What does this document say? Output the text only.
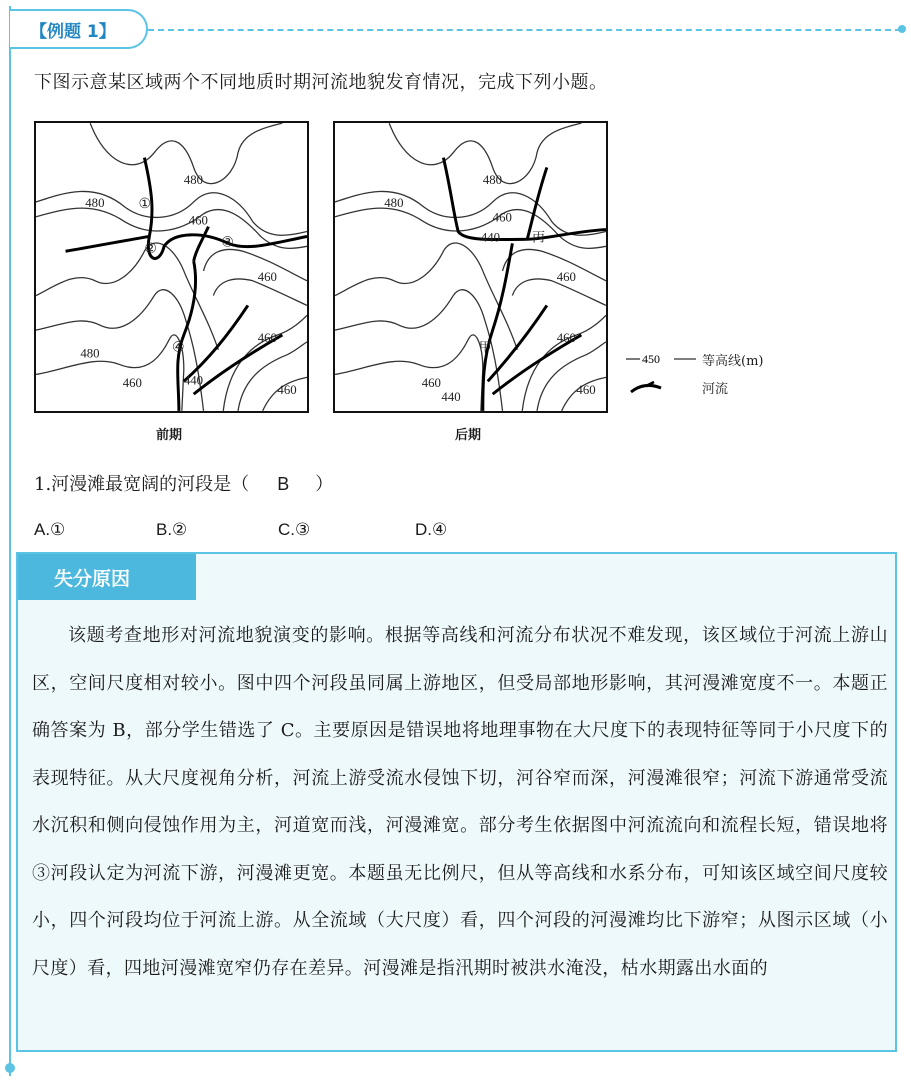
【例题 1】
下图示意某区域两个不同地质时期河流地貌发育情况，完成下列小题。
480
480
460
460
480
460	440
460
460
①
②	③
④
前期
480
480
460
440
460
460
460
440	460
丙
甲
后期
450	等高线(m)
河流
1.河漫滩最宽阔的河段是（ B ）
A.①	B.②	C.③	D.④
失分原因

该题考查地形对河流地貌演变的影响。根据等高线和河流分布状况不难发现，该区域位于河流上游山区，空间尺度相对较小。图中四个河段虽同属上游地区，但受局部地形影响，其河漫滩宽度不一。本题正确答案为 B，部分学生错选了 C。主要原因是错误地将地理事物在大尺度下的表现特征等同于小尺度下的表现特征。从大尺度视角分析，河流上游受流水侵蚀下切，河谷窄而深，河漫滩很窄；河流下游通常受流水沉积和侧向侵蚀作用为主，河道宽而浅，河漫滩宽。部分考生依据图中河流流向和流程长短，错误地将③河段认定为河流下游，河漫滩更宽。本题虽无比例尺，但从等高线和水系分布，可知该区域空间尺度较小，四个河段均位于河流上游。从全流域（大尺度）看，四个河段的河漫滩均比下游窄；从图示区域（小尺度）看，四地河漫滩宽窄仍存在差异。河漫滩是指汛期时被洪水淹没，枯水期露出水面的
